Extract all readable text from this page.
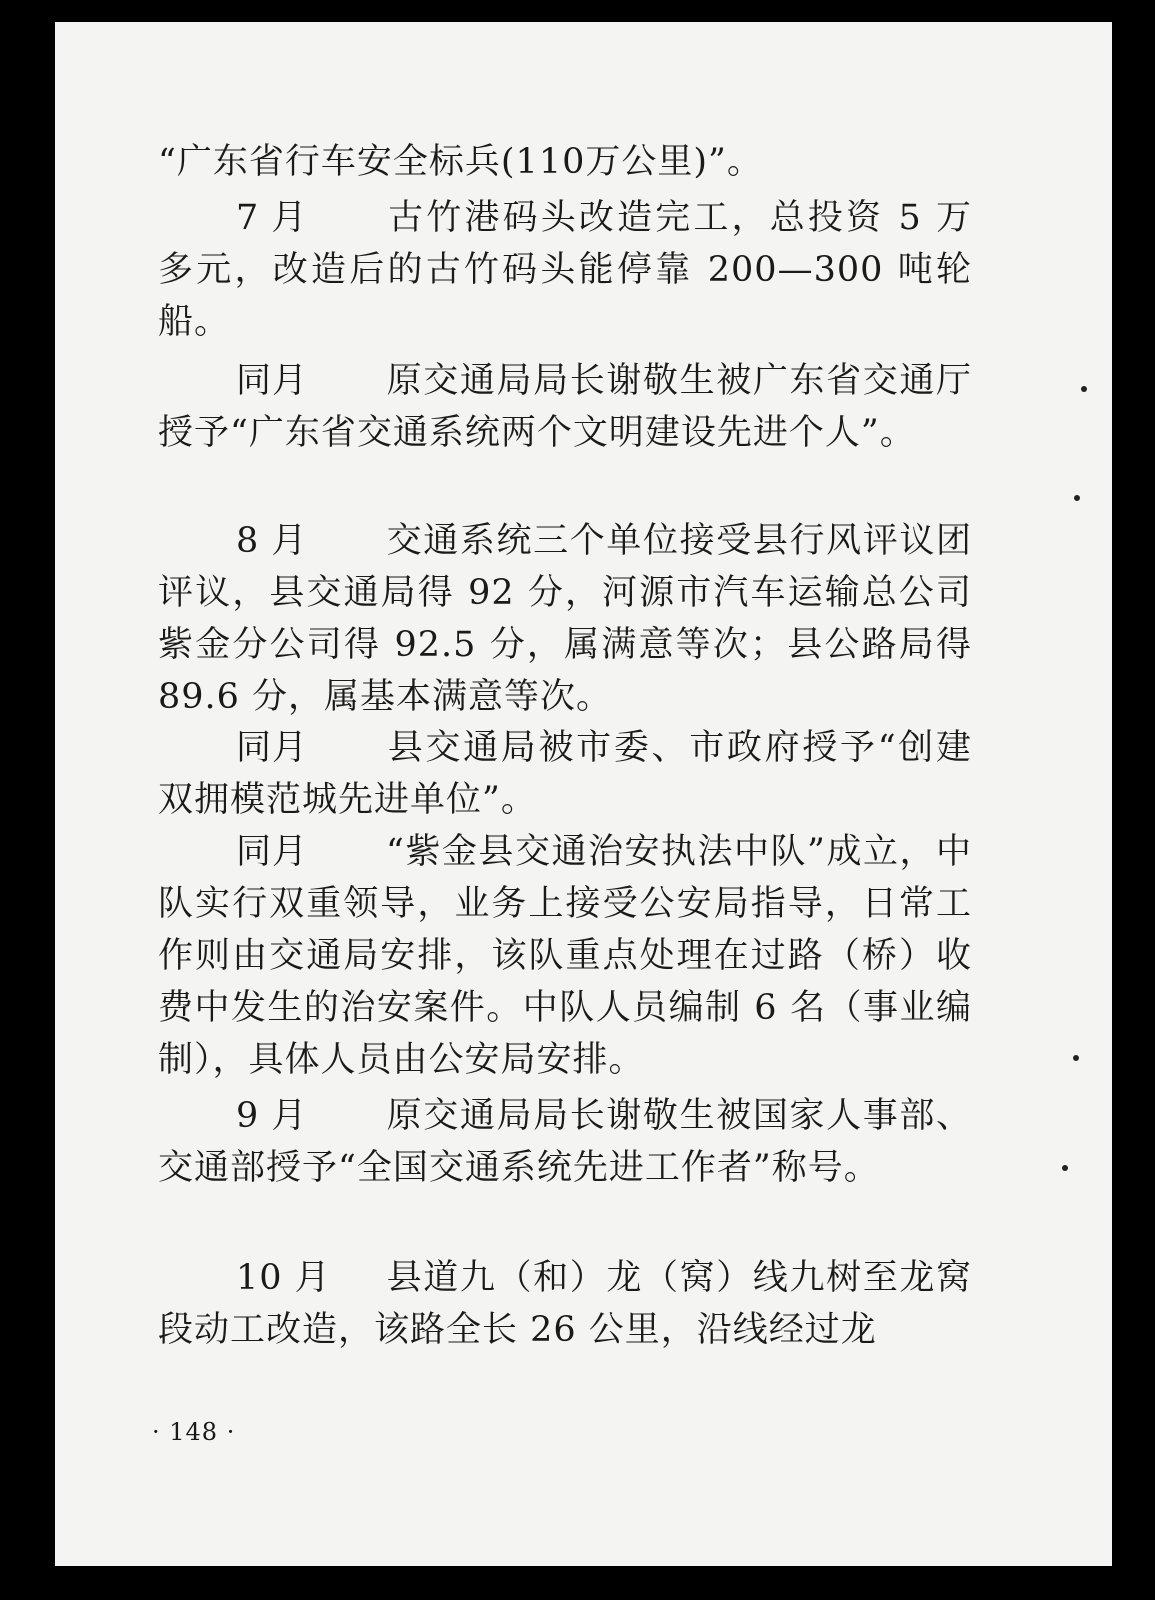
“广东省行车安全标兵(110万公里)”。

7 月 古竹港码头改造完工，总投资 5 万多元，改造后的古竹码头能停靠 200—300 吨轮船。

同月 原交通局局长谢敬生被广东省交通厅授予“广东省交通系统两个文明建设先进个人”。

8 月 交通系统三个单位接受县行风评议团评议，县交通局得 92 分，河源市汽车运输总公司紫金分公司得 92.5 分，属满意等次；县公路局得 89.6 分，属基本满意等次。

同月 县交通局被市委、市政府授予“创建双拥模范城先进单位”。

同月 “紫金县交通治安执法中队”成立，中队实行双重领导，业务上接受公安局指导，日常工作则由交通局安排，该队重点处理在过路（桥）收费中发生的治安案件。中队人员编制 6 名（事业编制），具体人员由公安局安排。

9 月 原交通局局长谢敬生被国家人事部、交通部授予“全国交通系统先进工作者”称号。

10 月 县道九（和）龙（窝）线九树至龙窝段动工改造，该路全长 26 公里，沿线经过龙

· 148 ·
